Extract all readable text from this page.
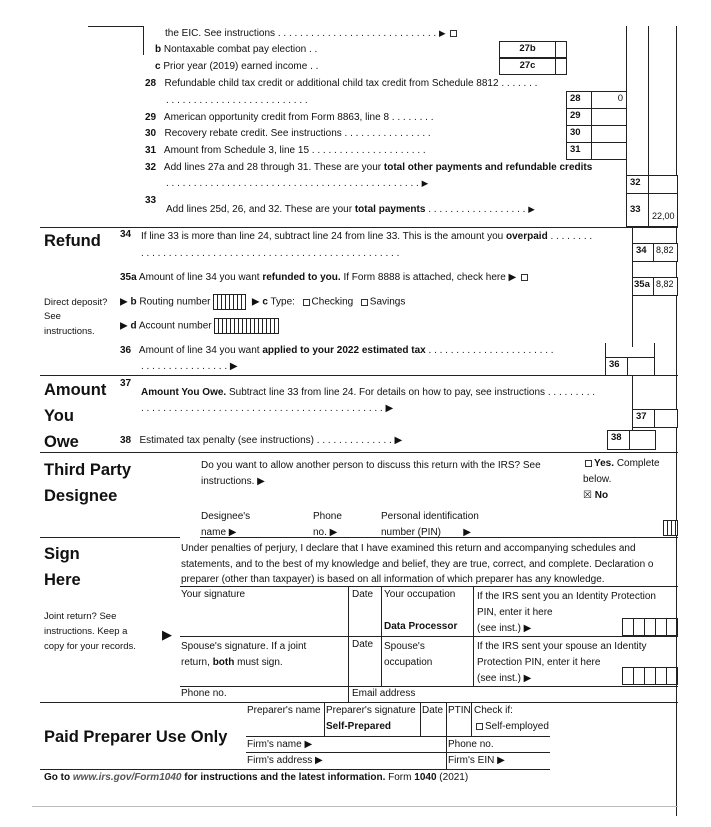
the EIC. See instructions . . . . . . . . . . . . . . . . . . . . . . . . . . . . . ▶
b Nontaxable combat pay election . .	27b
c Prior year (2019) earned income . .	27c
28 Refundable child tax credit or additional child tax credit from Schedule 8812 . . . . . . .
. . . . . . . . . . . . . . . . . . . . . . . . . .	28	0
29 American opportunity credit from Form 8863, line 8 . . . . . . . .	29
30 Recovery rebate credit. See instructions . . . . . . . . . . . . . . . .	30
31 Amount from Schedule 3, line 15 . . . . . . . . . . . . . . . . . . . . .	31
32 Add lines 27a and 28 through 31. These are your total other payments and refundable credits
. . . . . . . . . . . . . . . . . . . . . . . . . . . . . . . . . . . . . . . . . . . . . . ▶	32
33
Add lines 25d, 26, and 32. These are your total payments . . . . . . . . . . . . . . . . . . ▶	33
22,00
Refund 34 If line 33 is more than line 24, subtract line 24 from line 33. This is the amount you overpaid . . . . . . . .
. . . . . . . . . . . . . . . . . . . . . . . . . . . . . . . . . . . . . . . . . . . . . . .	34	8,82
35a Amount of line 34 you want refunded to you. If Form 8888 is attached, check here ▶
35a 8,82
Direct deposit?
See
instructions.
▶ b Routing number	▶ c Type: Checking Savings
▶ d Account number
36 Amount of line 34 you want applied to your 2022 estimated tax . . . . . . . . . . . . . . . . . . . . . . .
. . . . . . . . . . . . . . . . ▶	36
Amount
You
Owe
37
Amount You Owe. Subtract line 33 from line 24. For details on how to pay, see instructions . . . . . . . . .
. . . . . . . . . . . . . . . . . . . . . . . . . . . . . . . . . . . . . . . . . . . . ▶
37
38 Estimated tax penalty (see instructions) . . . . . . . . . . . . . . ▶	38
Third Party
Designee
Do you want to allow another person to discuss this return with the IRS? See
instructions. ▶
Yes. Complete
below.
☒ No
Designee's
name ▶
Phone
no. ▶
Personal identification
number (PIN) ▶
Sign
Here
Under penalties of perjury, I declare that I have examined this return and accompanying schedules and
statements, and to the best of my knowledge and belief, they are true, correct, and complete. Declaration o
preparer (other than taxpayer) is based on all information of which preparer has any knowledge.
Your signature	Date Your occupation
Data Processor
If the IRS sent you an Identity Protection
PIN, enter it here
(see inst.) ▶
Joint return? See
instructions. Keep a
copy for your records.
▶
Spouse's signature. If a joint
return, both must sign.
Date Spouse's
occupation
If the IRS sent your spouse an Identity
Protection PIN, enter it here
(see inst.) ▶
Phone no.	Email address
Paid Preparer Use Only
Preparer's name Preparer's signature
Self-Prepared
Date PTIN Check if:
Self-employed
Firm's name ▶	Phone no.
Firm's address ▶	Firm's EIN ▶
Go to www.irs.gov/Form1040 for instructions and the latest information. Form 1040 (2021)
